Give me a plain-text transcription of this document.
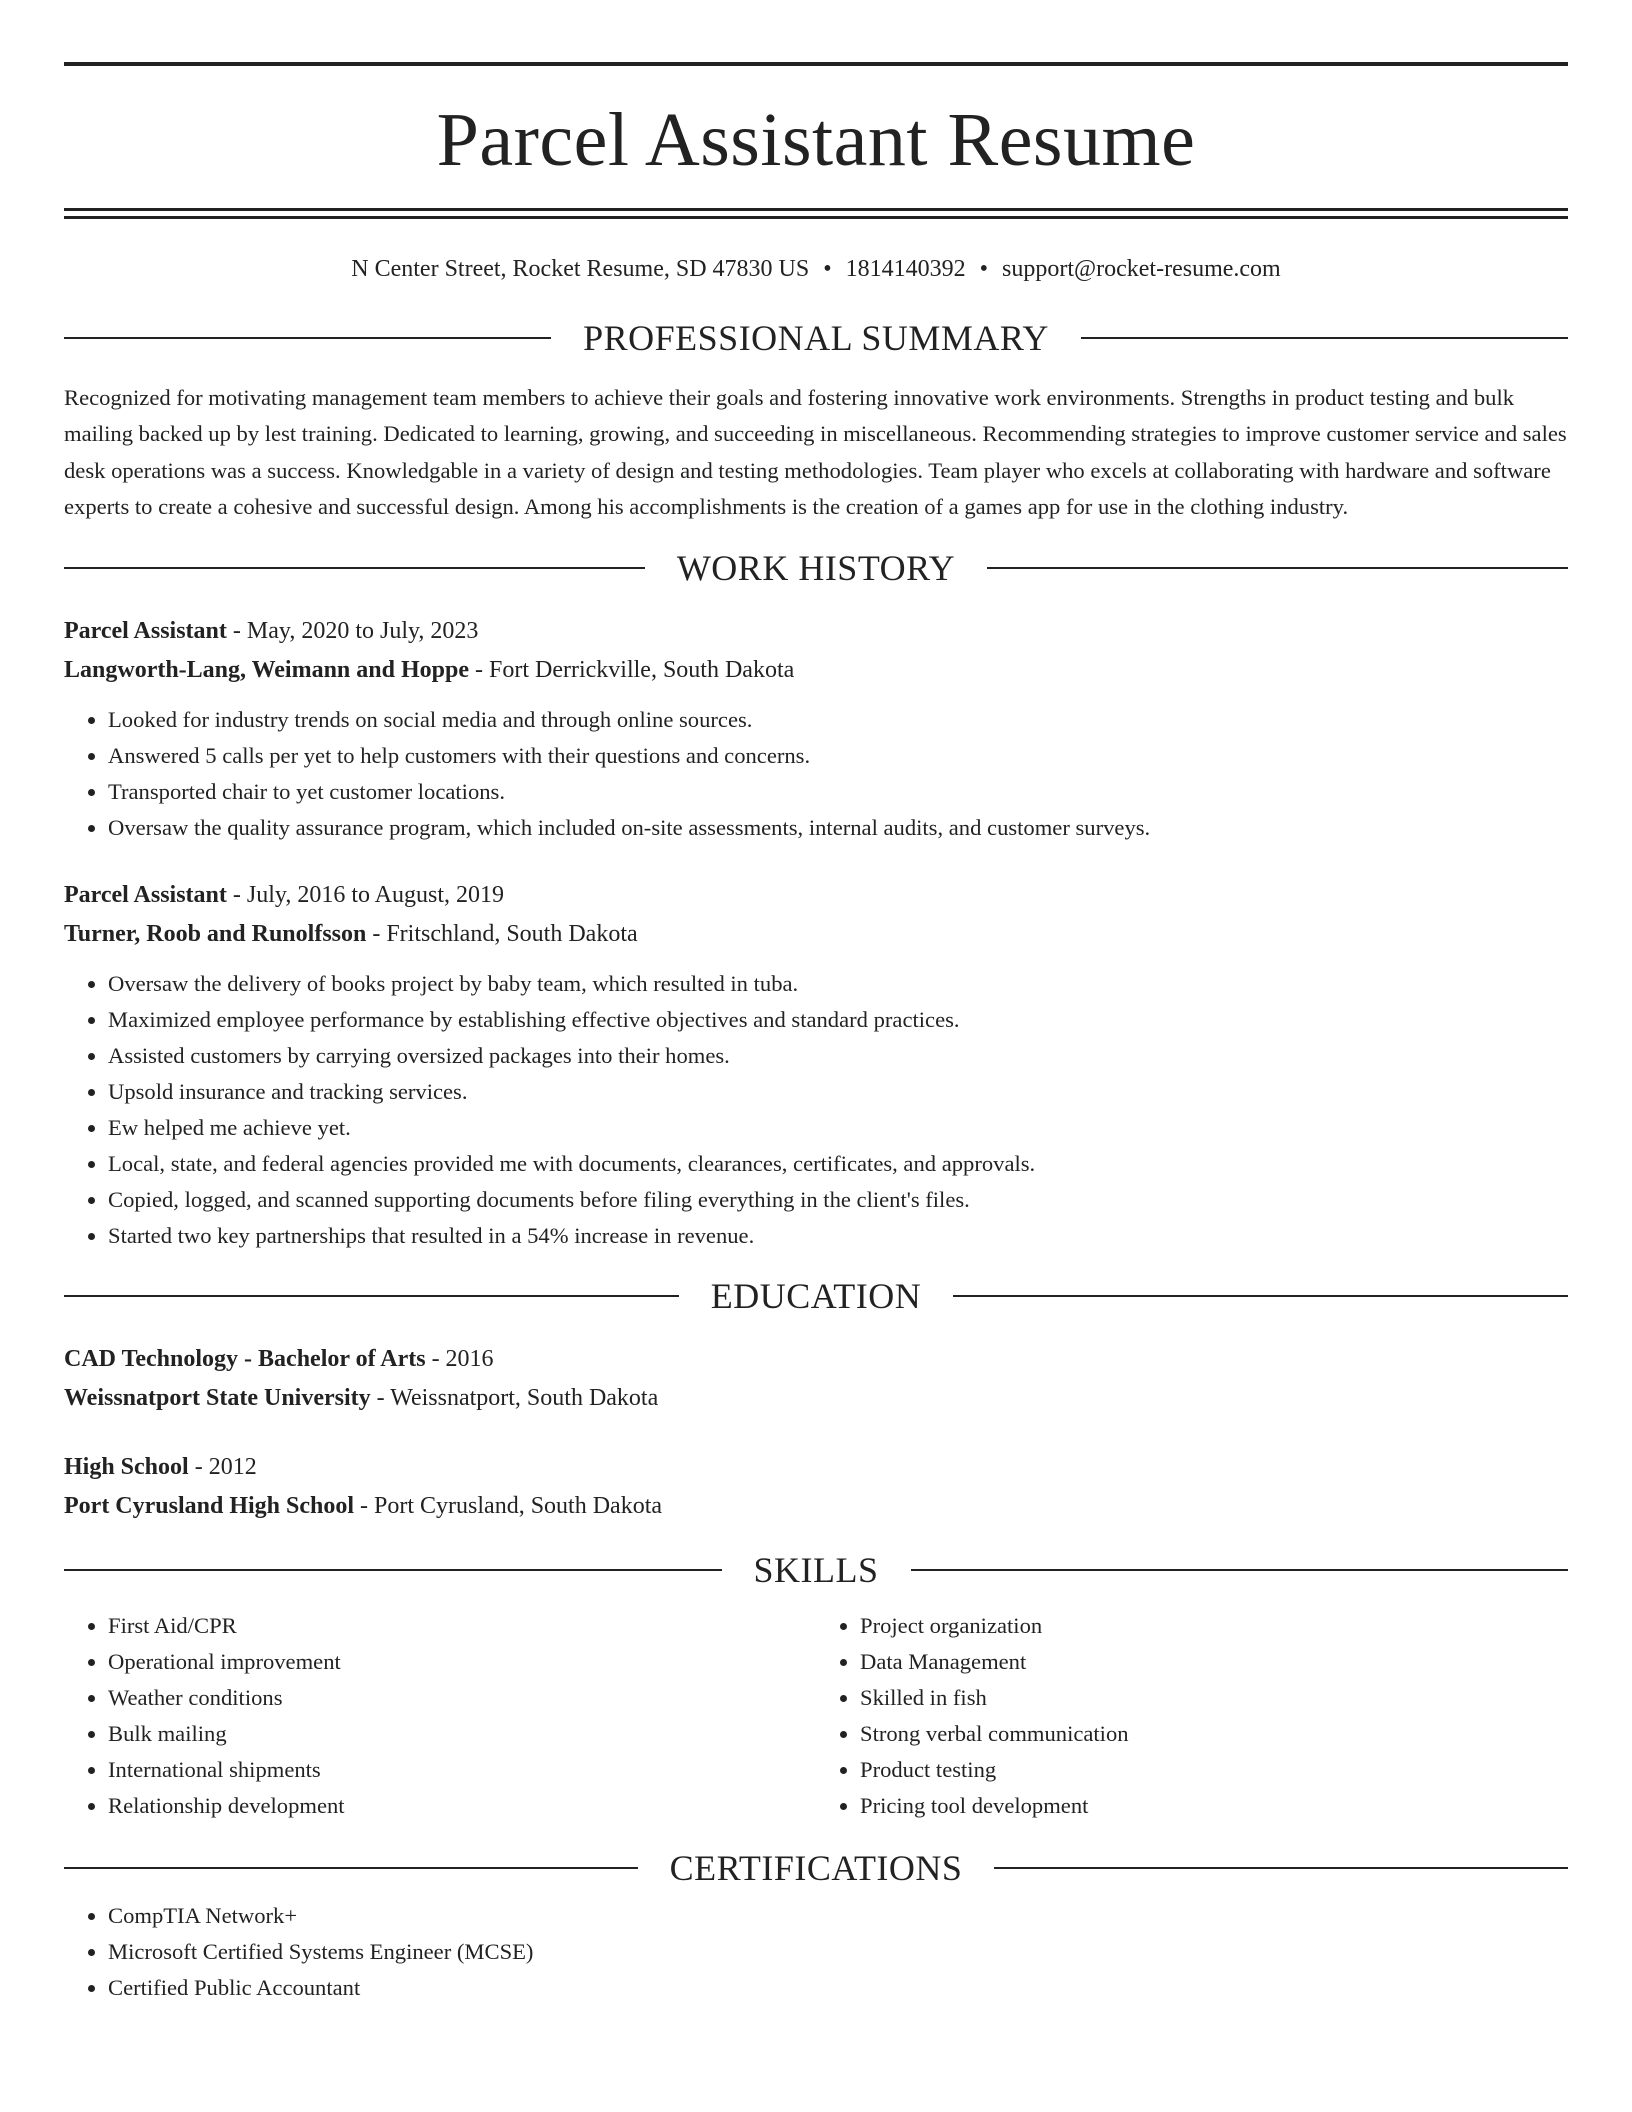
Parcel Assistant Resume
N Center Street, Rocket Resume, SD 47830 US • 1814140392 • support@rocket-resume.com
PROFESSIONAL SUMMARY
Recognized for motivating management team members to achieve their goals and fostering innovative work environments. Strengths in product testing and bulk mailing backed up by lest training. Dedicated to learning, growing, and succeeding in miscellaneous. Recommending strategies to improve customer service and sales desk operations was a success. Knowledgable in a variety of design and testing methodologies. Team player who excels at collaborating with hardware and software experts to create a cohesive and successful design. Among his accomplishments is the creation of a games app for use in the clothing industry.
WORK HISTORY
Parcel Assistant - May, 2020 to July, 2023
Langworth-Lang, Weimann and Hoppe - Fort Derrickville, South Dakota
• Looked for industry trends on social media and through online sources.
• Answered 5 calls per yet to help customers with their questions and concerns.
• Transported chair to yet customer locations.
• Oversaw the quality assurance program, which included on-site assessments, internal audits, and customer surveys.
Parcel Assistant - July, 2016 to August, 2019
Turner, Roob and Runolfsson - Fritschland, South Dakota
• Oversaw the delivery of books project by baby team, which resulted in tuba.
• Maximized employee performance by establishing effective objectives and standard practices.
• Assisted customers by carrying oversized packages into their homes.
• Upsold insurance and tracking services.
• Ew helped me achieve yet.
• Local, state, and federal agencies provided me with documents, clearances, certificates, and approvals.
• Copied, logged, and scanned supporting documents before filing everything in the client's files.
• Started two key partnerships that resulted in a 54% increase in revenue.
EDUCATION
CAD Technology - Bachelor of Arts - 2016
Weissnatport State University - Weissnatport, South Dakota
High School - 2012
Port Cyrusland High School - Port Cyrusland, South Dakota
SKILLS
• First Aid/CPR
• Operational improvement
• Weather conditions
• Bulk mailing
• International shipments
• Relationship development
• Project organization
• Data Management
• Skilled in fish
• Strong verbal communication
• Product testing
• Pricing tool development
CERTIFICATIONS
• CompTIA Network+
• Microsoft Certified Systems Engineer (MCSE)
• Certified Public Accountant
